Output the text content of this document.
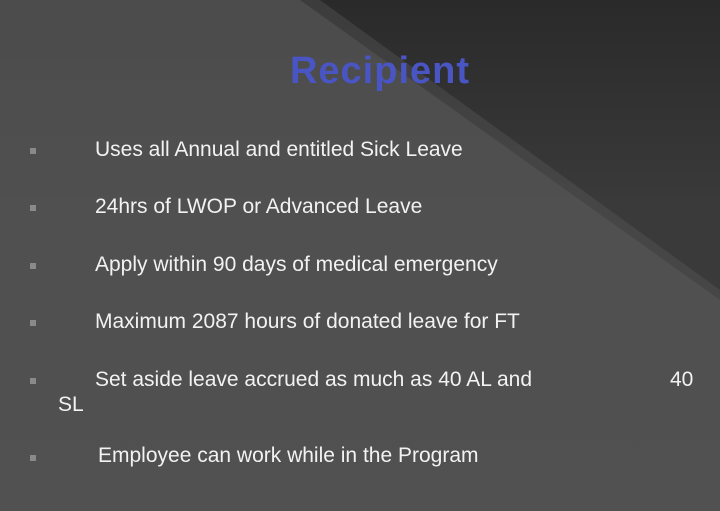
Recipient
Uses all Annual and entitled Sick Leave
24hrs of LWOP or Advanced Leave
Apply within 90 days of medical emergency
Maximum 2087 hours of donated leave for FT
Set aside leave accrued as much as 40 AL and	40
SL
Employee can work while in the Program
